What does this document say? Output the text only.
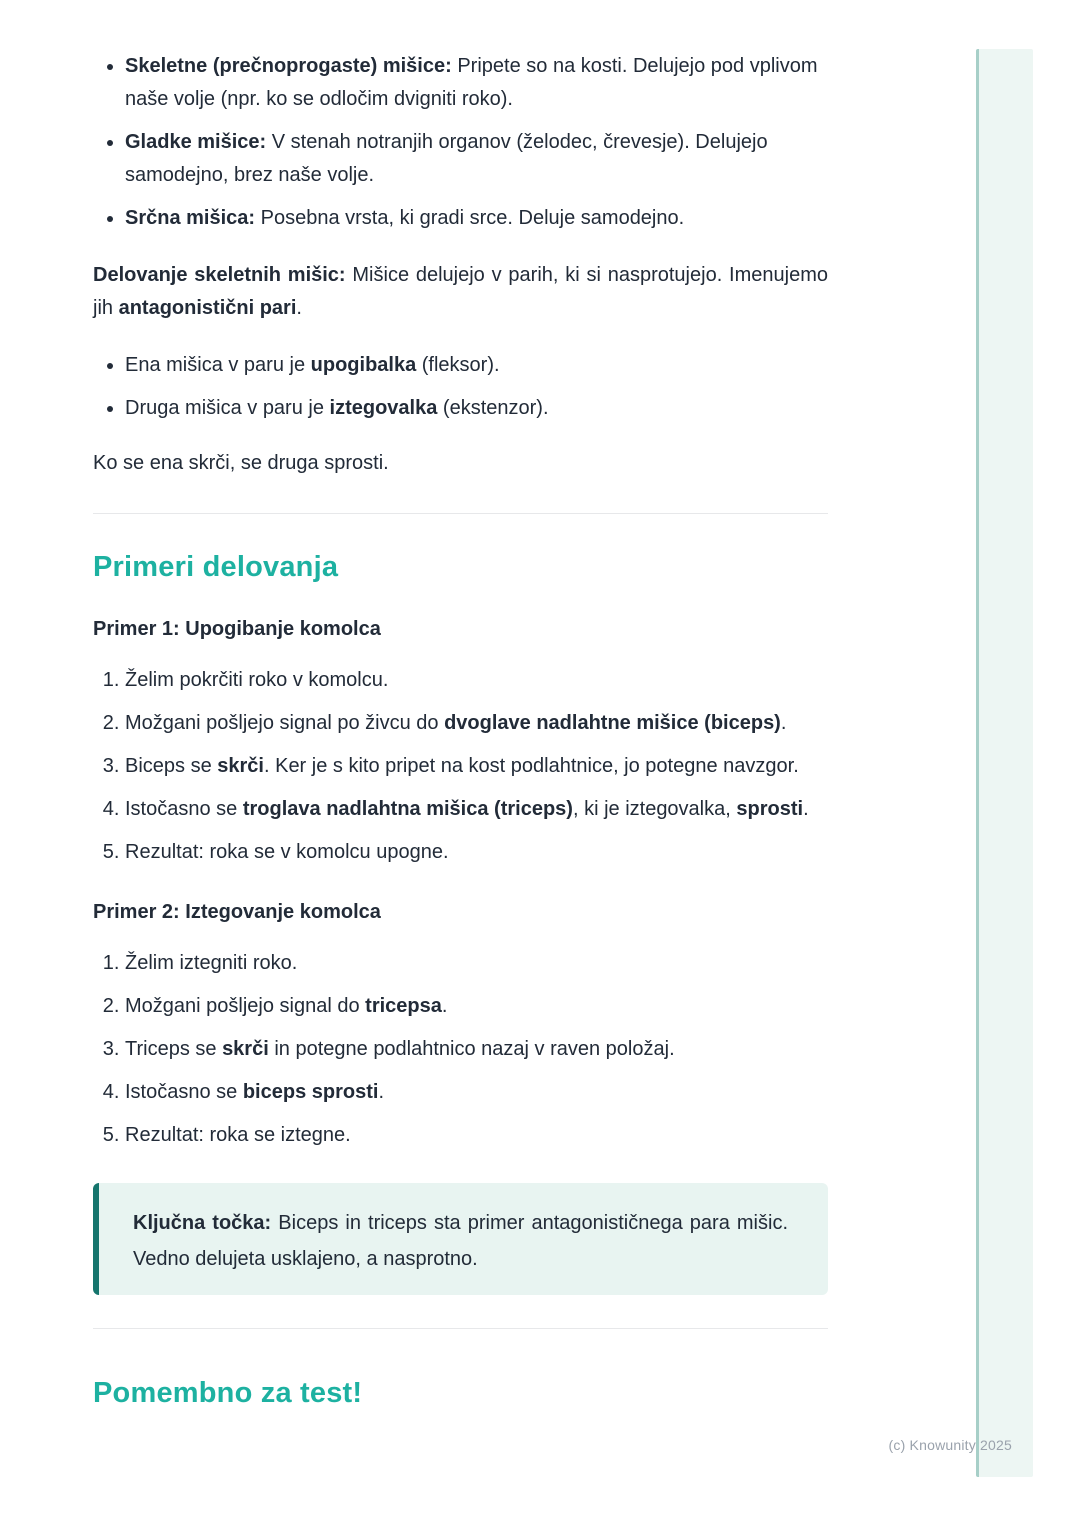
(c) Knowunity 2025
• Skeletne (prečnoprogaste) mišice: Pripete so na kosti. Delujejo pod vplivom naše volje (npr. ko se odločim dvigniti roko).
• Gladke mišice: V stenah notranjih organov (želodec, črevesje). Delujejo samodejno, brez naše volje.
• Srčna mišica: Posebna vrsta, ki gradi srce. Deluje samodejno.

Delovanje skeletnih mišic: Mišice delujejo v parih, ki si nasprotujejo. Imenujemo jih antagonistični pari.

• Ena mišica v paru je upogibalka (fleksor).
• Druga mišica v paru je iztegovalka (ekstenzor).

Ko se ena skrči, se druga sprosti.

Primeri delovanja
Primer 1: Upogibanje komolca
1. Želim pokrčiti roko v komolcu.
2. Možgani pošljejo signal po živcu do dvoglave nadlahtne mišice (biceps).
3. Biceps se skrči. Ker je s kito pripet na kost podlahtnice, jo potegne navzgor.
4. Istočasno se troglava nadlahtna mišica (triceps), ki je iztegovalka, sprosti.
5. Rezultat: roka se v komolcu upogne.
Primer 2: Iztegovanje komolca
1. Želim iztegniti roko.
2. Možgani pošljejo signal do tricepsa.
3. Triceps se skrči in potegne podlahtnico nazaj v raven položaj.
4. Istočasno se biceps sprosti.
5. Rezultat: roka se iztegne.

Ključna točka: Biceps in triceps sta primer antagonističnega para mišic. Vedno delujeta usklajeno, a nasprotno.

Pomembno za test!
